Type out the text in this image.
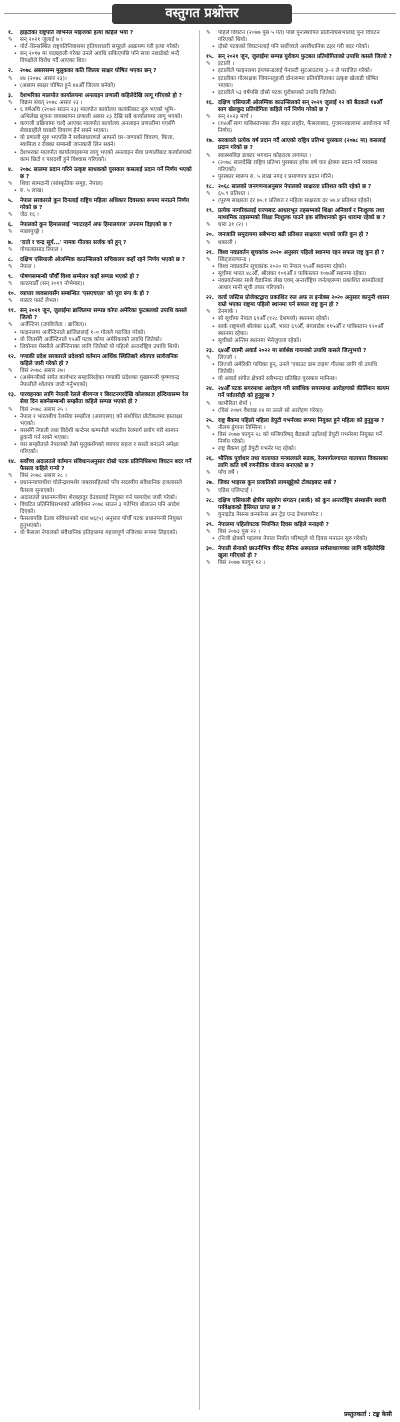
वस्तुगत प्रश्नोत्तर
१.	हाइटीका राष्ट्रपति जोभेनेल मोइजको हत्या कहिले भयो ?
✎	सन् २०२१ जुलाई ७ ।
• पोर्ट–प्रिन्सस्थित राष्ट्रपतिनिवासमा हतियारधारी समूहले आक्रमण गरी हत्या गरेको।
• सन् २०१७ मा पदबहाली गरेका उनले अवधि सकिएपछि पनि सत्ता नछाडेको भन्दै विपक्षीले विरोध गर्दै आएका थिए।
२.	२०७८ असारसम्म मुलुकका कति जिल्ला साक्षर घोषित भएका छन् ?
✎	४४ (२०७८ असार २३)।
• (अछाम साक्षर घोषित हुने ४४औँ जिल्ला बनेको)
३.	देशभरिका मालपोत कार्यालयमा अनलाइन प्रणाली कहिलेदेखि लागू गरिएको हो ?
✎	विक्रम संवत् २०७८ असार २३ ।
• ६ वर्षअघि (२०७२ साउन २३) मालपोत कार्यालय कलंकीबाट सुरु भएको भूमि–अभिलेख सूचना व्यवस्थापन प्रणाली असार २३ देखि सबै कार्यालयमा लागू भएको।
• कागजी प्रक्रियामा चल्दै आएका मालपोत कार्यालय अनलाइन प्रणालीमा गएसँगै सेवाग्राहीले घरबाटै विवरण हेर्न सक्ने भएका।
• यो प्रणाली सुरु भएपछि नै सर्वसाधारणले आफ्नो घर–जग्गाको विवरण, कित्ता, स्वामित्व र रोक्का सम्बन्धी जानकारी लिन सक्ने।
• देशभरका मालपोत कार्यालयहरूमा लागू भएको अनलाइन सेवा प्रणालीबाट कार्यालयको काम छिटो र पारदर्शी हुने विश्वास गरिएको।
४.	२०७८ सालमा प्रदान गरिने उत्कृष्ट साधकको पुरस्कार कसलाई प्रदान गर्ने निर्णय भएको छ ?
✎	शिवा सामदानी (सांस्कृतिक समूह, नेपाल)
• रु. ५ लाख।
५.	नेपाल सरकारले कुन दिनलाई राष्ट्रिय महिला अधिकार दिवसका रूपमा मनाउने निर्णय गरेको छ ?
✎	जेठ १६ ।
६.	नेपालको कुन हिमाललाई 'म्याटरहर्न अफ हिमालयाज' उपनाम दिइएको छ ?
✎	माछापुच्छ्रे ।
७.	'रातो र चन्द्र सूर्य...' नामक गीतका सर्जक को हुन् ?
✎	गोपालप्रसाद रिमाल ।
८.	दक्षिण एसियाली ओलम्पिक काउन्सिलको सचिवालय कहाँ रहने निर्णय भएको छ ?
✎	नेपाल ।
९.	पोषणसम्बन्धी पाँचौँ विश्व सम्मेलन कहाँ सम्पन्न भएको हो ?
✎	काठमाडौँ (सन् २०१९ नोभेम्बर)।
१०. व्यापार व्यवसायसँग सम्बन्धित 'एसएचएल' को पूरा रूप के हो ?
✎	मास्टर फर्स्ट लेभल।
११. सन् २०२१ जुन, जुलाईमा ब्राजिलमा सम्पन्न कोपा अमेरिका फुटबलको उपाधि कसले जित्यो ?
✎	अर्जेन्टिना (उपविजेता : ब्राजिल)।
• फाइनलमा अर्जेन्टिनाले ब्राजिललाई १–० गोलले पराजित गरेको।
• यो जितसँगै अर्जेन्टिनाले १५औँ पटक कोपा अमेरिकाको उपाधि जितेको।
• लियोनल मेस्सीले अर्जेन्टिनाका लागि जितेको यो पहिलो अन्तर्राष्ट्रिय उपाधि थियो।
१२. गण्डकी प्रदेश सरकारले प्रदेशको वर्तमान आर्थिक स्थितिबारे श्वेतपत्र सार्वजनिक कहिले जारी गरेको हो ?
✎	विसं २०७८ असार २७।
• (अर्थमन्त्रीको समेत कार्यभार सम्हालिरहेका गण्डकी प्रदेशका मुख्यमन्त्री कृष्णचन्द्र नेपालीले श्वेतपत्र जारी गर्नुभएको)
१३. पारवहनका लागि नेपाली रेलले बीरगन्ज र बिराटनगरदेखि कोलकाता हल्दियासम्म रेल सेवा दिन सक्नेसम्बन्धी सम्झौता कहिले सम्पन्न भएको हो ?
✎	विसं २०७८ असार २५ ।
• नेपाल र भारतबीच रेलसेवा सम्झौता (आरएसए) को संशोधित प्रोटोकलमा हस्ताक्षर भएको।
• यससँगै नेपाली तथा विदेशी कन्टेनर कम्पनीले भारतीय रेलमार्ग प्रयोग गरी सामान ढुवानी गर्न सक्ने भएका।
• यस सम्झौताले नेपालको तेस्रो मुलुकसँगको व्यापार सहज र सस्तो बनाउने अपेक्षा गरिएको।
१४. सर्वोच्च अदालतले वर्तमान संविधानअनुसार दोस्रो पटक प्रतिनिधिसभा विघटन बदर गर्ने फैसला कहिले गऱ्यो ?
✎	विसं २०७८ असार २८ ।
• प्रधानन्यायाधीश चोलेन्द्रशमशेर जबरासहितको पाँच सदस्यीय संवैधानिक इजलासले फैसला सुनाएको।
• अदालतले प्रधानमन्त्रीमा शेरबहादुर देउवालाई नियुक्त गर्न परमादेश जारी गरेको।
• विघटित प्रतिनिधिसभाको अधिवेशन २०७८ साउन ३ गतेभित्र बोलाउन पनि आदेश दिएको।
• फैसलापछि देउवा संविधानको धारा ७६(५) अनुसार पाँचौँ पटक प्रधानमन्त्री नियुक्त हुनुभएको।
• यो फैसला नेपालको संवैधानिक इतिहासमा महत्त्वपूर्ण नजिरका रूपमा लिइएको।
✎	पहिले विघटन (२०७७ पुस ५ गते) पछि पुनःस्थापित प्रतिनिधिसभालाई पुनः विघटन गरिएको थियो।
• दोस्रो पटकको विघटनलाई पनि सर्वोच्चले असंवैधानिक ठहर गरी बदर गरेको।
१५. सन् २०२१ जुन, जुलाईमा सम्पन्न युरोकप फुटबल प्रतियोगिताको उपाधि कसले जित्यो ?
✎	इटाली ।
• इटालीले फाइनलमा इंग्ल्यान्डलाई पेनाल्टी सुटआउटमा ३–२ ले पराजित गरेको।
• इटालीका गोलरक्षक जियानलुइजी डोनारुम्मा प्रतियोगिताका उत्कृष्ट खेलाडी घोषित भएका।
• इटालीले ५३ वर्षपछि दोस्रो पटक युरोकपको उपाधि जितेको।
१६. दक्षिण एसियाली ओलम्पिक काउन्सिलको सन् २०२१ जुलाई १२ को बैठकले १४औँ साग खेलकुद प्रतियोगिता कहिले गर्ने निर्णय गरेको छ ?
✎	सन् २०२३ मार्च ।
• (१४औँ साग पाकिस्तानका तीन सहर लाहोर, फैसलाबाद, गुजरानवालामा आयोजना गर्ने निर्णय)
१७. सरकारले प्रत्येक वर्ष प्रदान गर्दै आएको राष्ट्रिय प्रतिभा पुरस्कार (२०७८ मा) कसलाई प्रदान गरेको छ ?
✎	स्वास्थ्यविज्ञ डाक्टर भगवान कोइराला लगायत ।
• (२०७८ सालदेखि राष्ट्रिय प्रतिभा पुरस्कार हरेक वर्ष चार क्षेत्रमा प्रदान गर्ने व्यवस्था गरिएको)
• पुरस्कार स्वरूप रु. ५ लाख नगद र प्रमाणपत्र प्रदान गरिने।
१८. २०६८ सालको जनगणनाअनुसार नेपालको साक्षरता प्रतिशत कति रहेको छ ?
✎	६५.९ प्रतिशत ।
• (पुरुष साक्षरता दर ७५.१ प्रतिशत र महिला साक्षरता दर ५७.४ प्रतिशत रहेको)
१९. प्रत्येक नागरिकलाई राज्यबाट आधारभूत तहसम्मको शिक्षा अनिवार्य र निःशुल्क तथा माध्यमिक तहसम्मको शिक्षा निःशुल्क पाउने हक संविधानको कुन धारामा रहेको छ ?
✎	धारा ३१ (२) ।
२०. जनजाति समुदायमा सबैभन्दा बढी प्रतिशत साक्षरता भएको जाति कुन हो ?
✎	थकाली ।
२१. विश्व नवप्रवर्तन सूचकांक २०२० अनुसार पहिलो स्थानमा रहन सफल राष्ट्र कुन हो ?
✎	स्विट्जरल्यान्ड ।
• विश्व नवप्रवर्तन सूचकांक २०२० मा नेपाल ९५औँ स्थानमा रहेको।
• सूचीमा भारत ४८औँ, श्रीलंका १०१औँ र पाकिस्तान १०७औँ स्थानमा रहेका।
• नवप्रवर्तनका साथै वैज्ञानिक लेख एवम् अन्तर्राष्ट्रिय जर्नलहरूमा प्रकाशित सामग्रीलाई आधार मानी सूची तयार गरिएको।
२२. वर्ल्ड जस्टिस प्रोजेक्टद्वारा प्रकाशित रुल अफ ल इन्डेक्स २०२० अनुसार कानुनी शासन राम्रो भएका राष्ट्रमा पहिलो स्थानमा पर्न सफल राष्ट्र कुन हो ?
✎	डेनमार्क ।
• सो सूचीमा नेपाल ६१औँ (१२८ देशमध्ये) स्थानमा रहेको।
• सार्क राष्ट्रमध्ये श्रीलंका ६६औँ, भारत ६९औँ, बंगलादेश ११५औँ र पाकिस्तान १२०औँ स्थानमा रहेका।
• सूचीको अन्तिम स्थानमा भेनेजुएला रहेको।
२३. ६४औँ ग्र्यामी अवार्ड २०२२ मा सर्वश्रेष्ठ गायनको उपाधि कसले जित्नुभयो ?
✎	लिज्जो ।
• लिज्जो अमेरिकी गायिका हुन्, उनले 'एबाउट डाम टाइम' गीतका लागि यो उपाधि जितेकी।
• यो अवार्ड संगीत क्षेत्रको सबैभन्दा प्रतिष्ठित पुरस्कार मानिन्छ।
२४. २४औँ पटक सगरमाथा आरोहण गरी सर्वाधिक सगरमाथा आरोहणको कीर्तिमान कायम गर्ने पर्वतारोही को हुनुहुन्छ ?
✎	कामीरिता शेर्पा ।
• (विसं २०७९ वैशाख २४ मा उनले सो आरोहण गरेका)
२५. राष्ट्र बैंकमा पहिलो महिला डेपुटी गभर्नरका रूपमा नियुक्त हुने महिला को हुनुहुन्छ ?
✎	नीलम ढुंगाना तिम्सिना ।
• विसं २०७७ फागुन २८ को मन्त्रिपरिषद् बैठकले उहाँलाई डेपुटी गभर्नरमा नियुक्त गर्ने निर्णय गरेको।
• राष्ट्र बैंकमा दुई डेपुटी गभर्नर पद रहेको।
२६. भौतिक पूर्वाधार तथा यातायात मन्त्रालयले सडक, रेलमार्गलगायत यातायात विकासका लागि कति वर्षे रणनीतिक योजना बनाएको छ ?
✎	पाँच वर्षे ।
२७. जिका भाइरस कुन प्रजातिको लामखुट्टेको टोकाइबाट सर्छ ?
✎	एडिस एजिप्टाई ।
२८. दक्षिण एसियाली क्षेत्रीय सहयोग संगठन (सार्क) को कुन अन्तर्राष्ट्रिय संस्थासँग स्थायी पर्यवेक्षकको हैसियत प्राप्त छ ?
✎	युनाइटेड नेसन्स कन्फरेन्स अन ट्रेड एन्ड डेभलपमेन्ट ।
२९. नेपालमा पहिलोपटक नियन्त्रित दिवस कहिले मनाइयो ?
✎	विसं २०७३ पुस २२ ।
• (निजी क्षेत्रको पहलमा नेपाल निर्यात परिषद्ले यो दिवस मनाउन सुरु गरेको)
३०. नेपाली सेनाको छाउनीभित्र वीरेन्द्र सैनिक अस्पताल सर्वसाधारणका लागि कहिलेदेखि खुला गरिएको हो ?
✎	विसं २०७७ फागुन १२ ।
प्रस्तुतकर्ता : टङ्क केसी
